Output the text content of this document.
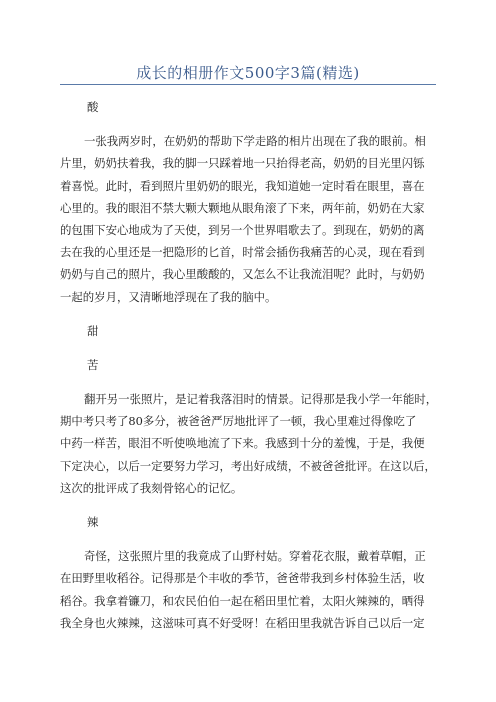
成长的相册作文500字3篇(精选)
酸
一张我两岁时，在奶奶的帮助下学走路的相片出现在了我的眼前。相
片里，奶奶扶着我，我的脚一只踩着地一只抬得老高，奶奶的目光里闪铄
着喜悦。此时，看到照片里奶奶的眼光，我知道她一定时看在眼里，喜在
心里的。我的眼泪不禁大颗大颗地从眼角滚了下来，两年前，奶奶在大家
的包围下安心地成为了天使，到另一个世界唱歌去了。到现在，奶奶的离
去在我的心里还是一把隐形的匕首，时常会插伤我痛苦的心灵，现在看到
奶奶与自己的照片，我心里酸酸的，又怎么不让我流泪呢？此时，与奶奶
一起的岁月，又清晰地浮现在了我的脑中。
甜
苦
翻开另一张照片，是记着我落泪时的情景。记得那是我小学一年能时，
期中考只考了80多分，被爸爸严厉地批评了一顿，我心里难过得像吃了
中药一样苦，眼泪不听使唤地流了下来。我感到十分的羞愧，于是，我便
下定决心，以后一定要努力学习，考出好成绩，不被爸爸批评。在这以后，
这次的批评成了我刻骨铭心的记忆。
辣
奇怪，这张照片里的我竟成了山野村姑。穿着花衣服，戴着草帽，正
在田野里收稻谷。记得那是个丰收的季节，爸爸带我到乡村体验生活，收
稻谷。我拿着镰刀，和农民伯伯一起在稻田里忙着，太阳火辣辣的，晒得
我全身也火辣辣，这滋味可真不好受呀！在稻田里我就告诉自己以后一定
